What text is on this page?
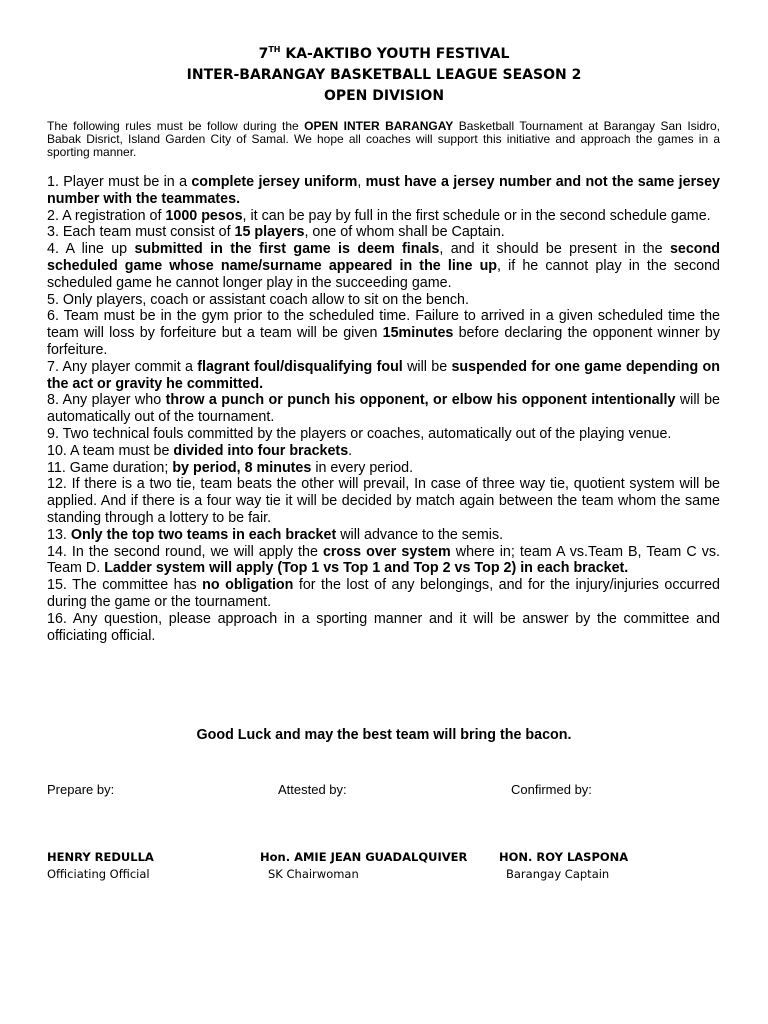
7TH KA-AKTIBO YOUTH FESTIVAL
INTER-BARANGAY BASKETBALL LEAGUE SEASON 2
OPEN DIVISION

The following rules must be follow during the OPEN INTER BARANGAY Basketball Tournament at Barangay San Isidro, Babak Disrict, Island Garden City of Samal. We hope all coaches will support this initiative and approach the games in a sporting manner.

1. Player must be in a complete jersey uniform, must have a jersey number and not the same jersey number with the teammates.
2. A registration of 1000 pesos, it can be pay by full in the first schedule or in the second schedule game.
3. Each team must consist of 15 players, one of whom shall be Captain.
4. A line up submitted in the first game is deem finals, and it should be present in the second scheduled game whose name/surname appeared in the line up, if he cannot play in the second scheduled game he cannot longer play in the succeeding game.
5. Only players, coach or assistant coach allow to sit on the bench.
6. Team must be in the gym prior to the scheduled time. Failure to arrived in a given scheduled time the team will loss by forfeiture but a team will be given 15minutes before declaring the opponent winner by forfeiture.
7. Any player commit a flagrant foul/disqualifying foul will be suspended for one game depending on the act or gravity he committed.
8. Any player who throw a punch or punch his opponent, or elbow his opponent intentionally will be automatically out of the tournament.
9. Two technical fouls committed by the players or coaches, automatically out of the playing venue.
10. A team must be divided into four brackets.
11. Game duration; by period, 8 minutes in every period.
12. If there is a two tie, team beats the other will prevail, In case of three way tie, quotient system will be applied. And if there is a four way tie it will be decided by match again between the team whom the same standing through a lottery to be fair.
13. Only the top two teams in each bracket will advance to the semis.
14. In the second round, we will apply the cross over system where in; team A vs.Team B, Team C vs. Team D. Ladder system will apply (Top 1 vs Top 1 and Top 2 vs Top 2) in each bracket.
15. The committee has no obligation for the lost of any belongings, and for the injury/injuries occurred during the game or the tournament.
16. Any question, please approach in a sporting manner and it will be answer by the committee and officiating official.
Good Luck and may the best team will bring the bacon.
Prepare by:	Attested by:	Confirmed by:
HENRY REDULLA	Hon. AMIE JEAN GUADALQUIVER	HON. ROY LASPONA
Officiating Official	SK Chairwoman	Barangay Captain
